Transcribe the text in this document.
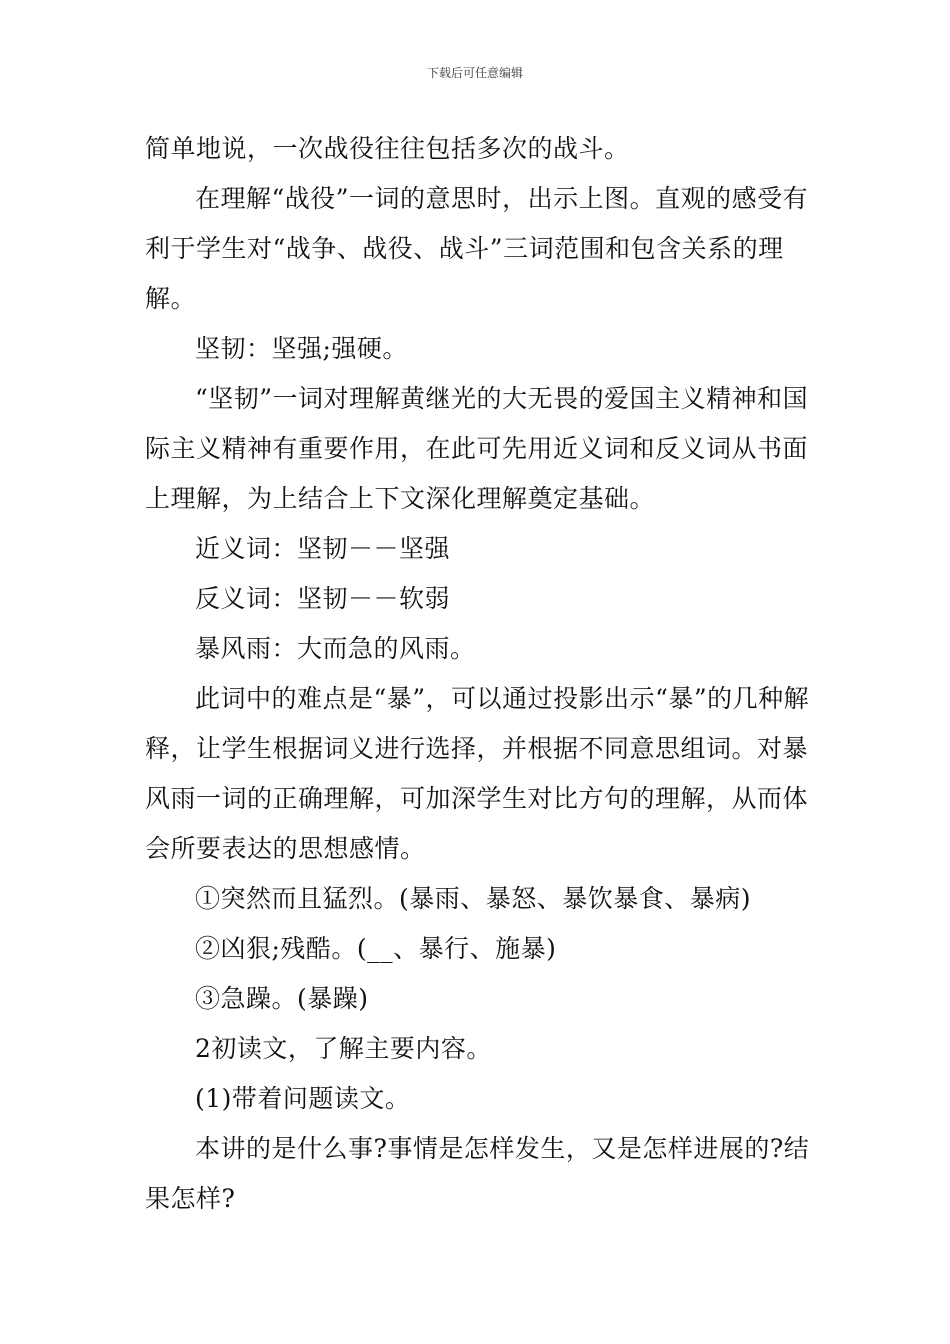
下载后可任意编辑

简单地说，一次战役往往包括多次的战斗。

在理解“战役”一词的意思时，出示上图。直观的感受有利于学生对“战争、战役、战斗”三词范围和包含关系的理解。

坚韧：坚强;强硬。

“坚韧”一词对理解黄继光的大无畏的爱国主义精神和国际主义精神有重要作用，在此可先用近义词和反义词从书面上理解，为上结合上下文深化理解奠定基础。

近义词：坚韧－－坚强

反义词：坚韧－－软弱

暴风雨：大而急的风雨。

此词中的难点是“暴”，可以通过投影出示“暴”的几种解释，让学生根据词义进行选择，并根据不同意思组词。对暴风雨一词的正确理解，可加深学生对比方句的理解，从而体会所要表达的思想感情。

①突然而且猛烈。(暴雨、暴怒、暴饮暴食、暴病)

②凶狠;残酷。(__、暴行、施暴)

③急躁。(暴躁)

2初读文，了解主要内容。

(1)带着问题读文。

本讲的是什么事?事情是怎样发生，又是怎样进展的?结果怎样?
